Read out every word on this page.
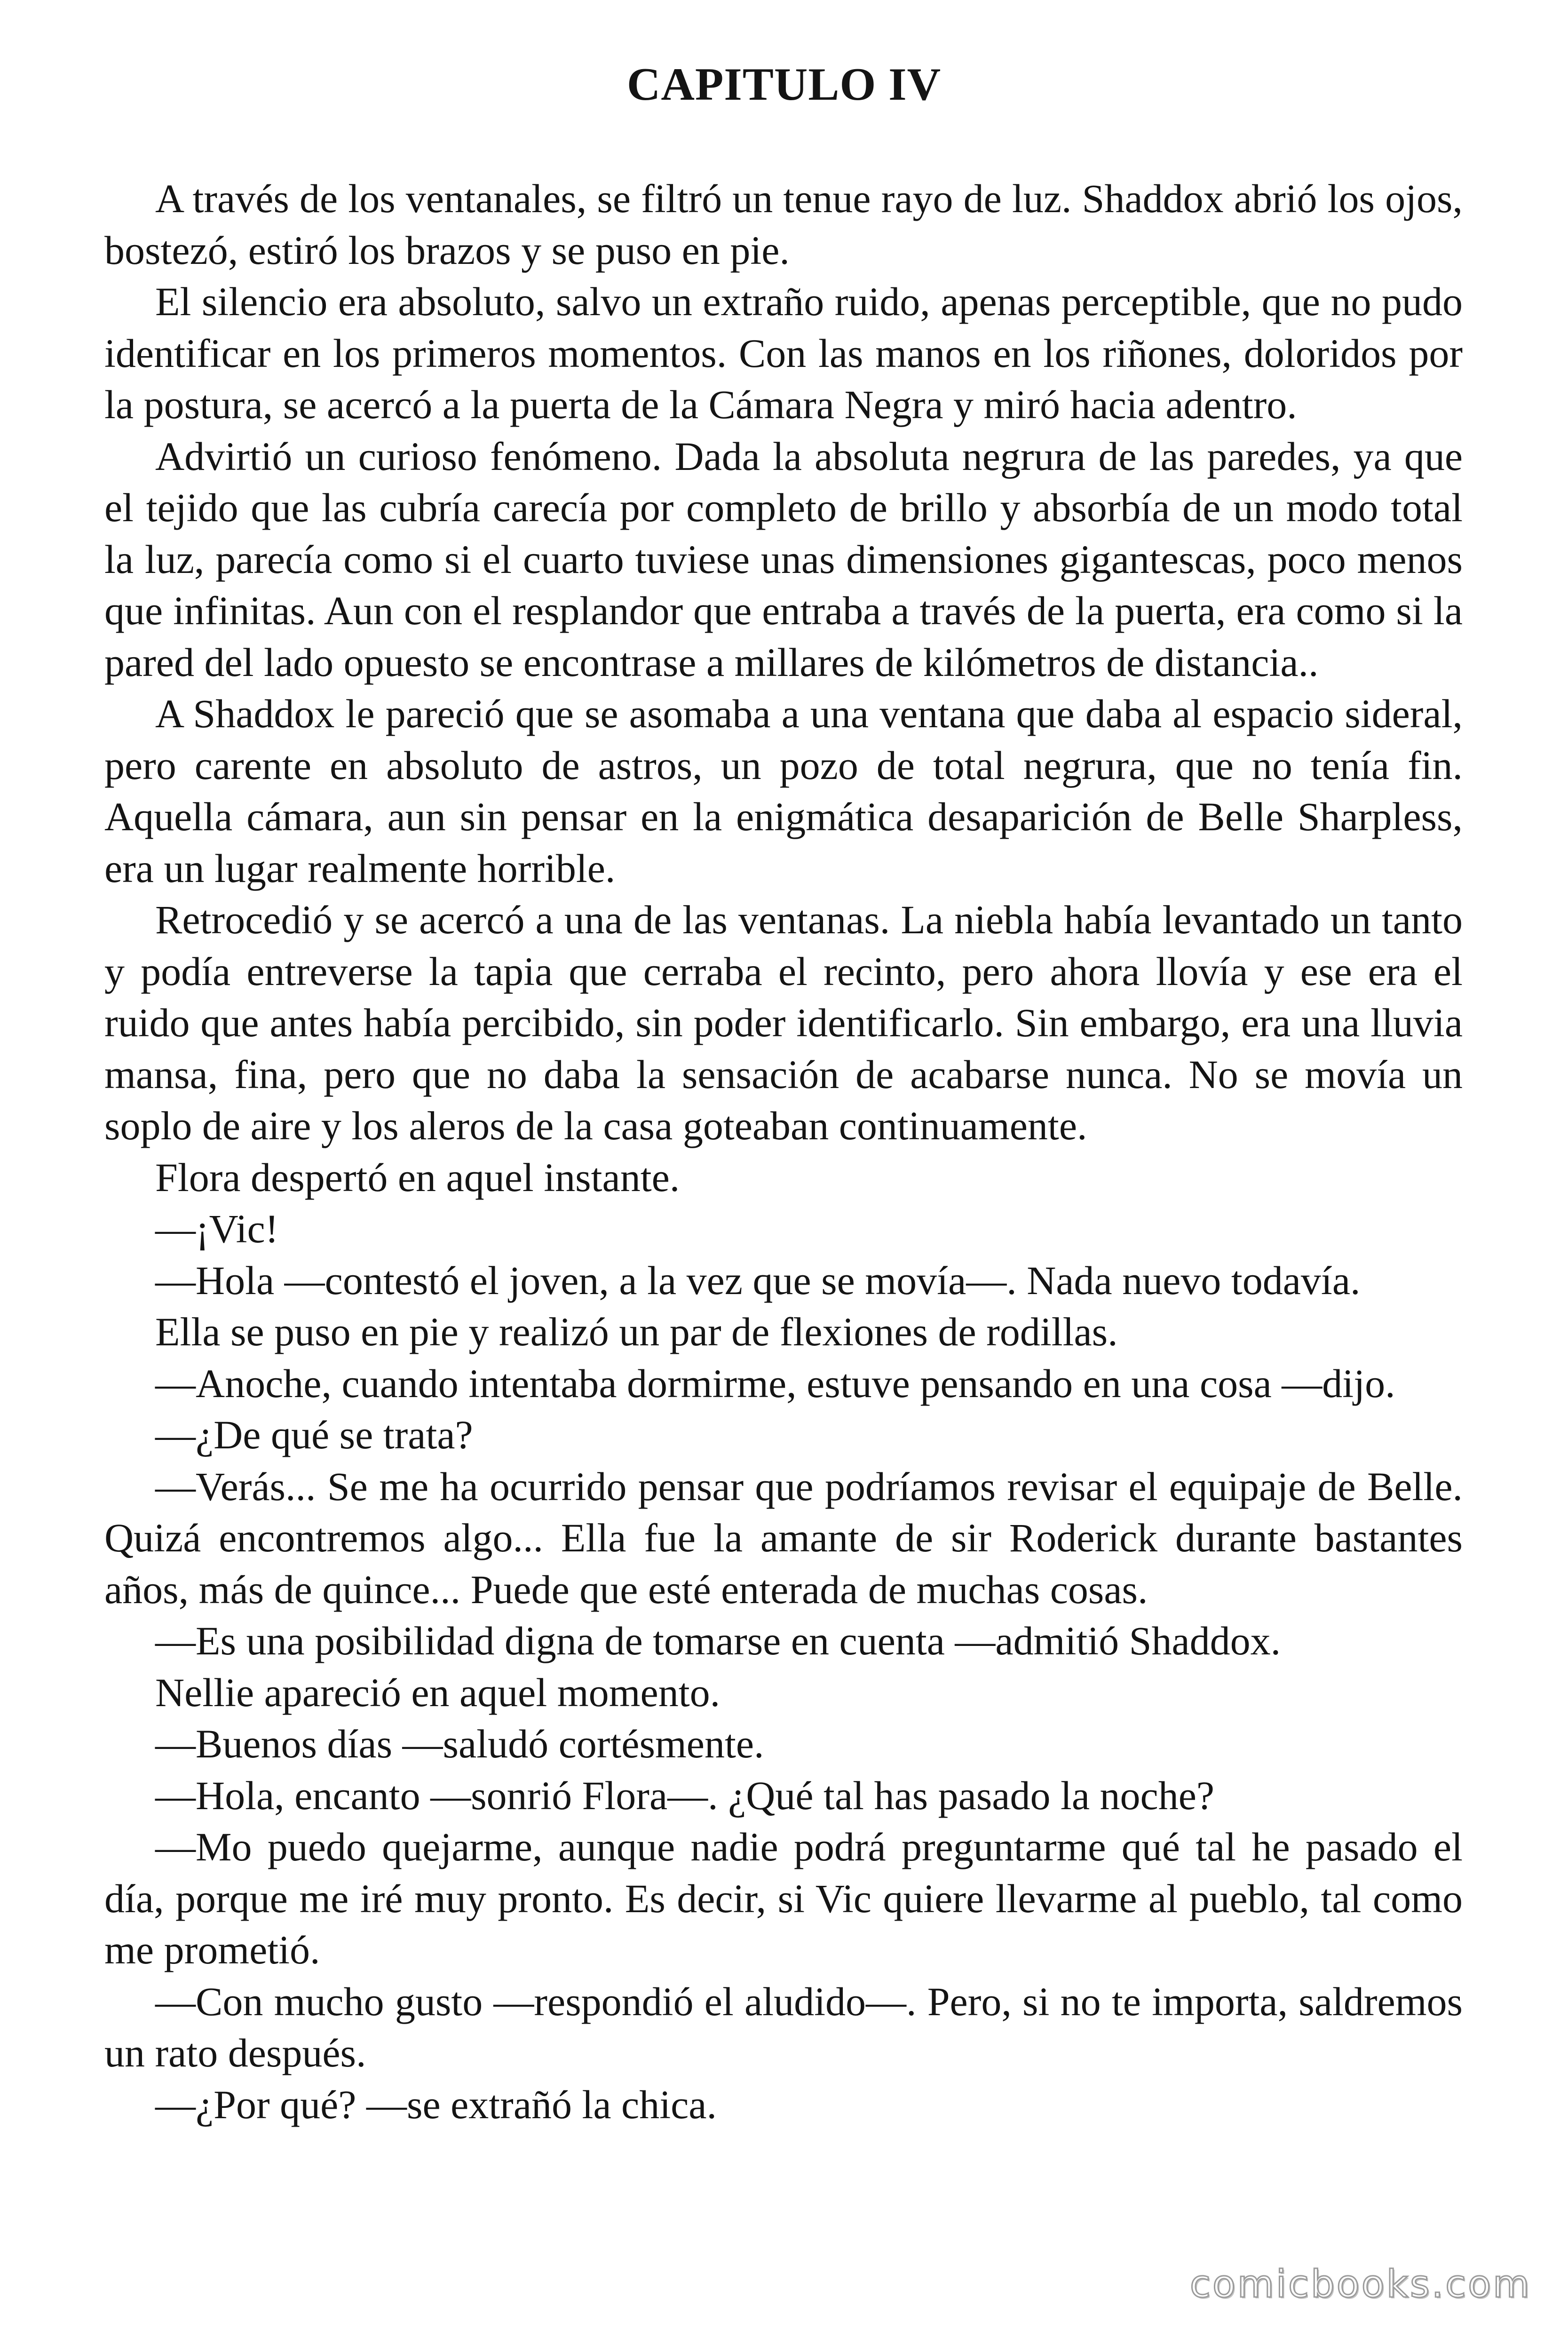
CAPITULO IV

A través de los ventanales, se filtró un tenue rayo de luz. Shaddox abrió los ojos, bostezó, estiró los brazos y se puso en pie.

El silencio era absoluto, salvo un extraño ruido, apenas perceptible, que no pudo identificar en los primeros momentos. Con las manos en los riñones, doloridos por la postura, se acercó a la puerta de la Cámara Negra y miró hacia adentro.

Advirtió un curioso fenómeno. Dada la absoluta negrura de las paredes, ya que el tejido que las cubría carecía por completo de brillo y absorbía de un modo total la luz, parecía como si el cuarto tuviese unas dimensiones gigantescas, poco menos que infinitas. Aun con el resplandor que entraba a través de la puerta, era como si la pared del lado opuesto se encontrase a millares de kilómetros de distancia..

A Shaddox le pareció que se asomaba a una ventana que daba al espacio sideral, pero carente en absoluto de astros, un pozo de total negrura, que no tenía fin. Aquella cámara, aun sin pensar en la enigmática desaparición de Belle Sharpless, era un lugar realmente horrible.

Retrocedió y se acercó a una de las ventanas. La niebla había levantado un tanto y podía entreverse la tapia que cerraba el recinto, pero ahora llovía y ese era el ruido que antes había percibido, sin poder identificarlo. Sin embargo, era una lluvia mansa, fina, pero que no daba la sensación de acabarse nunca. No se movía un soplo de aire y los aleros de la casa goteaban continuamente.

Flora despertó en aquel instante.

—¡Vic!

—Hola —contestó el joven, a la vez que se movía—. Nada nuevo todavía.

Ella se puso en pie y realizó un par de flexiones de rodillas.

—Anoche, cuando intentaba dormirme, estuve pensando en una cosa —dijo.

—¿De qué se trata?

—Verás... Se me ha ocurrido pensar que podríamos revisar el equipaje de Belle. Quizá encontremos algo... Ella fue la amante de sir Roderick durante bastantes años, más de quince... Puede que esté enterada de muchas cosas.

—Es una posibilidad digna de tomarse en cuenta —admitió Shaddox.

Nellie apareció en aquel momento.

—Buenos días —saludó cortésmente.

—Hola, encanto —sonrió Flora—. ¿Qué tal has pasado la noche?

—Mo puedo quejarme, aunque nadie podrá preguntarme qué tal he pasado el día, porque me iré muy pronto. Es decir, si Vic quiere llevarme al pueblo, tal como me prometió.

—Con mucho gusto —respondió el aludido—. Pero, si no te importa, saldremos un rato después.

—¿Por qué? —se extrañó la chica.

comicbooks.com
